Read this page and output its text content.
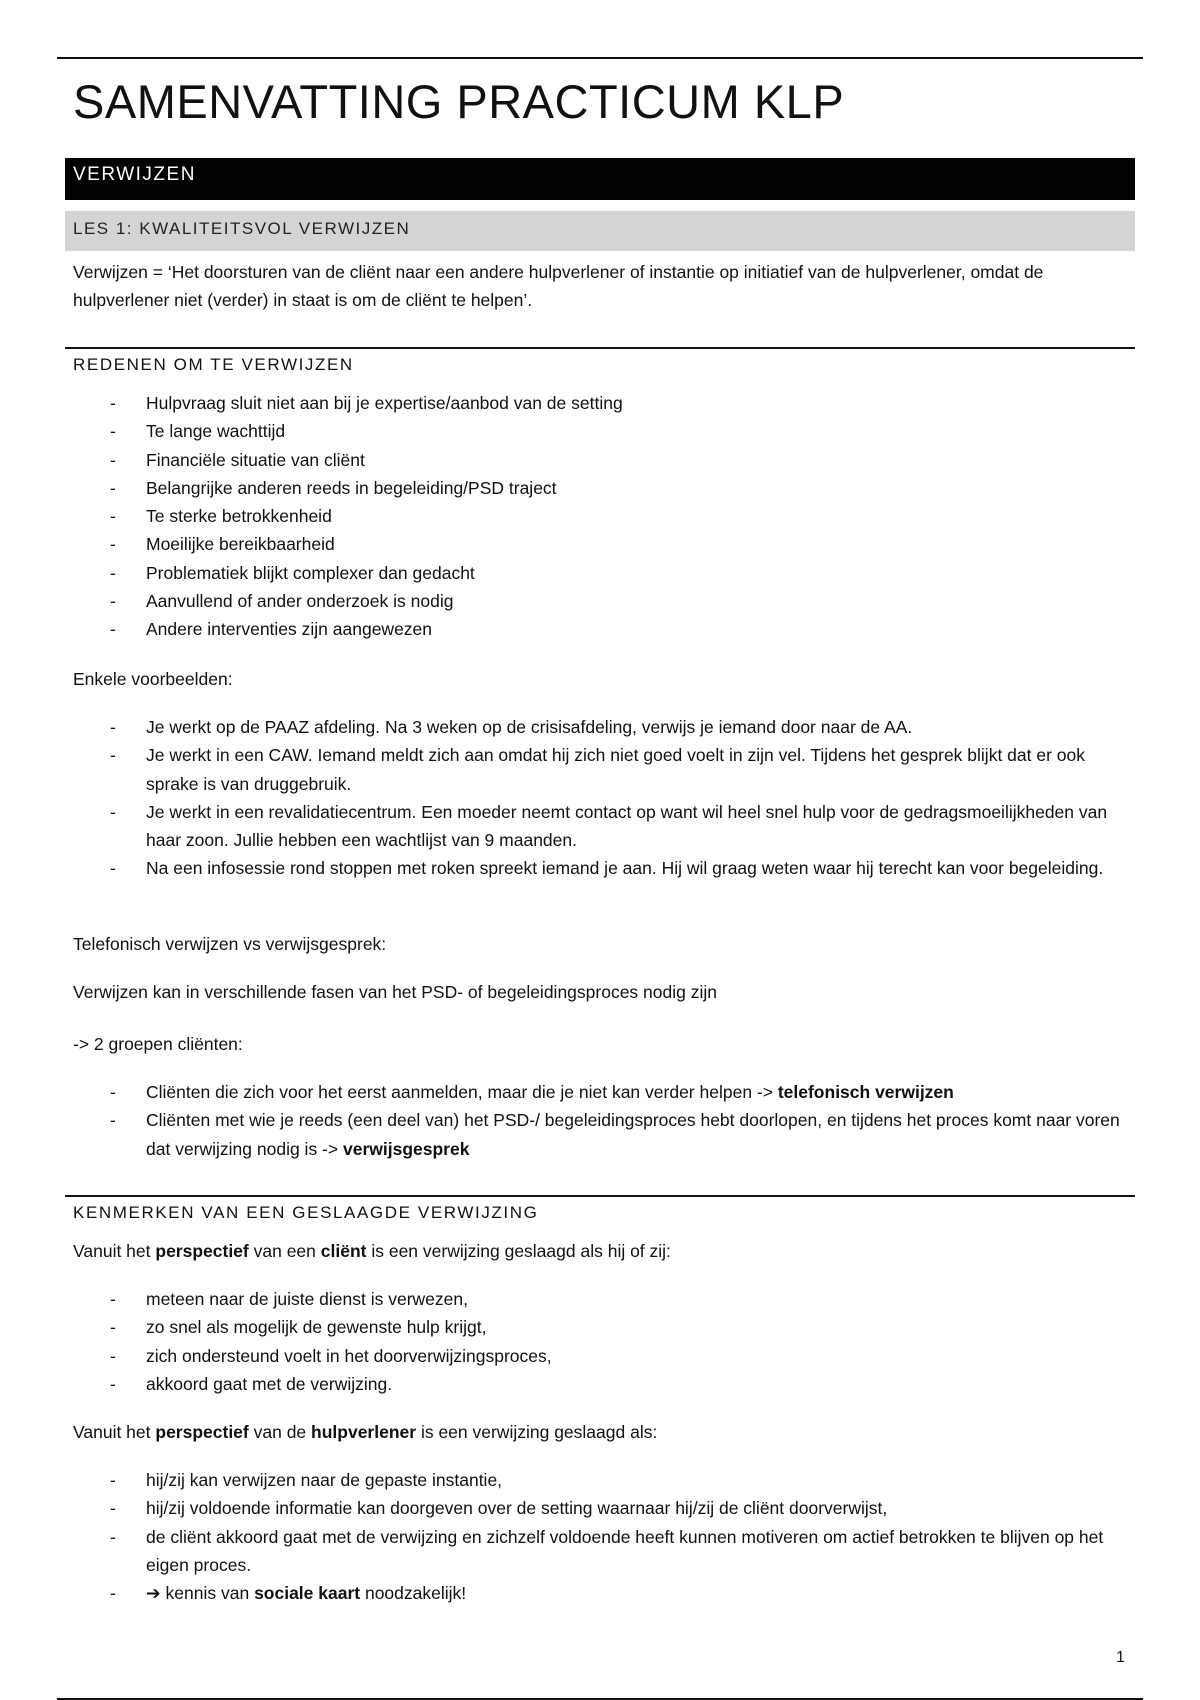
SAMENVATTING PRACTICUM KLP
VERWIJZEN
LES 1: KWALITEITSVOL VERWIJZEN
Verwijzen = ‘Het doorsturen van de cliënt naar een andere hulpverlener of instantie op initiatief van de hulpverlener, omdat de hulpverlener niet (verder) in staat is om de cliënt te helpen’.
REDENEN OM TE VERWIJZEN
- Hulpvraag sluit niet aan bij je expertise/aanbod van de setting
- Te lange wachttijd
- Financiële situatie van cliënt
- Belangrijke anderen reeds in begeleiding/PSD traject
- Te sterke betrokkenheid
- Moeilijke bereikbaarheid
- Problematiek blijkt complexer dan gedacht
- Aanvullend of ander onderzoek is nodig
- Andere interventies zijn aangewezen
Enkele voorbeelden:
- Je werkt op de PAAZ afdeling. Na 3 weken op de crisisafdeling, verwijs je iemand door naar de AA.
- Je werkt in een CAW. Iemand meldt zich aan omdat hij zich niet goed voelt in zijn vel. Tijdens het gesprek blijkt dat er ook sprake is van druggebruik.
- Je werkt in een revalidatiecentrum. Een moeder neemt contact op want wil heel snel hulp voor de gedragsmoeilijkheden van haar zoon. Jullie hebben een wachtlijst van 9 maanden.
- Na een infosessie rond stoppen met roken spreekt iemand je aan. Hij wil graag weten waar hij terecht kan voor begeleiding.
Telefonisch verwijzen vs verwijsgesprek:
Verwijzen kan in verschillende fasen van het PSD- of begeleidingsproces nodig zijn
-> 2 groepen cliënten:
- Cliënten die zich voor het eerst aanmelden, maar die je niet kan verder helpen -> telefonisch verwijzen
- Cliënten met wie je reeds (een deel van) het PSD-/ begeleidingsproces hebt doorlopen, en tijdens het proces komt naar voren dat verwijzing nodig is -> verwijsgesprek
KENMERKEN VAN EEN GESLAAGDE VERWIJZING
Vanuit het perspectief van een cliënt is een verwijzing geslaagd als hij of zij:
- meteen naar de juiste dienst is verwezen,
- zo snel als mogelijk de gewenste hulp krijgt,
- zich ondersteund voelt in het doorverwijzingsproces,
- akkoord gaat met de verwijzing.
Vanuit het perspectief van de hulpverlener is een verwijzing geslaagd als:
- hij/zij kan verwijzen naar de gepaste instantie,
- hij/zij voldoende informatie kan doorgeven over de setting waarnaar hij/zij de cliënt doorverwijst,
- de cliënt akkoord gaat met de verwijzing en zichzelf voldoende heeft kunnen motiveren om actief betrokken te blijven op het eigen proces.
- ➔ kennis van sociale kaart noodzakelijk!
1
